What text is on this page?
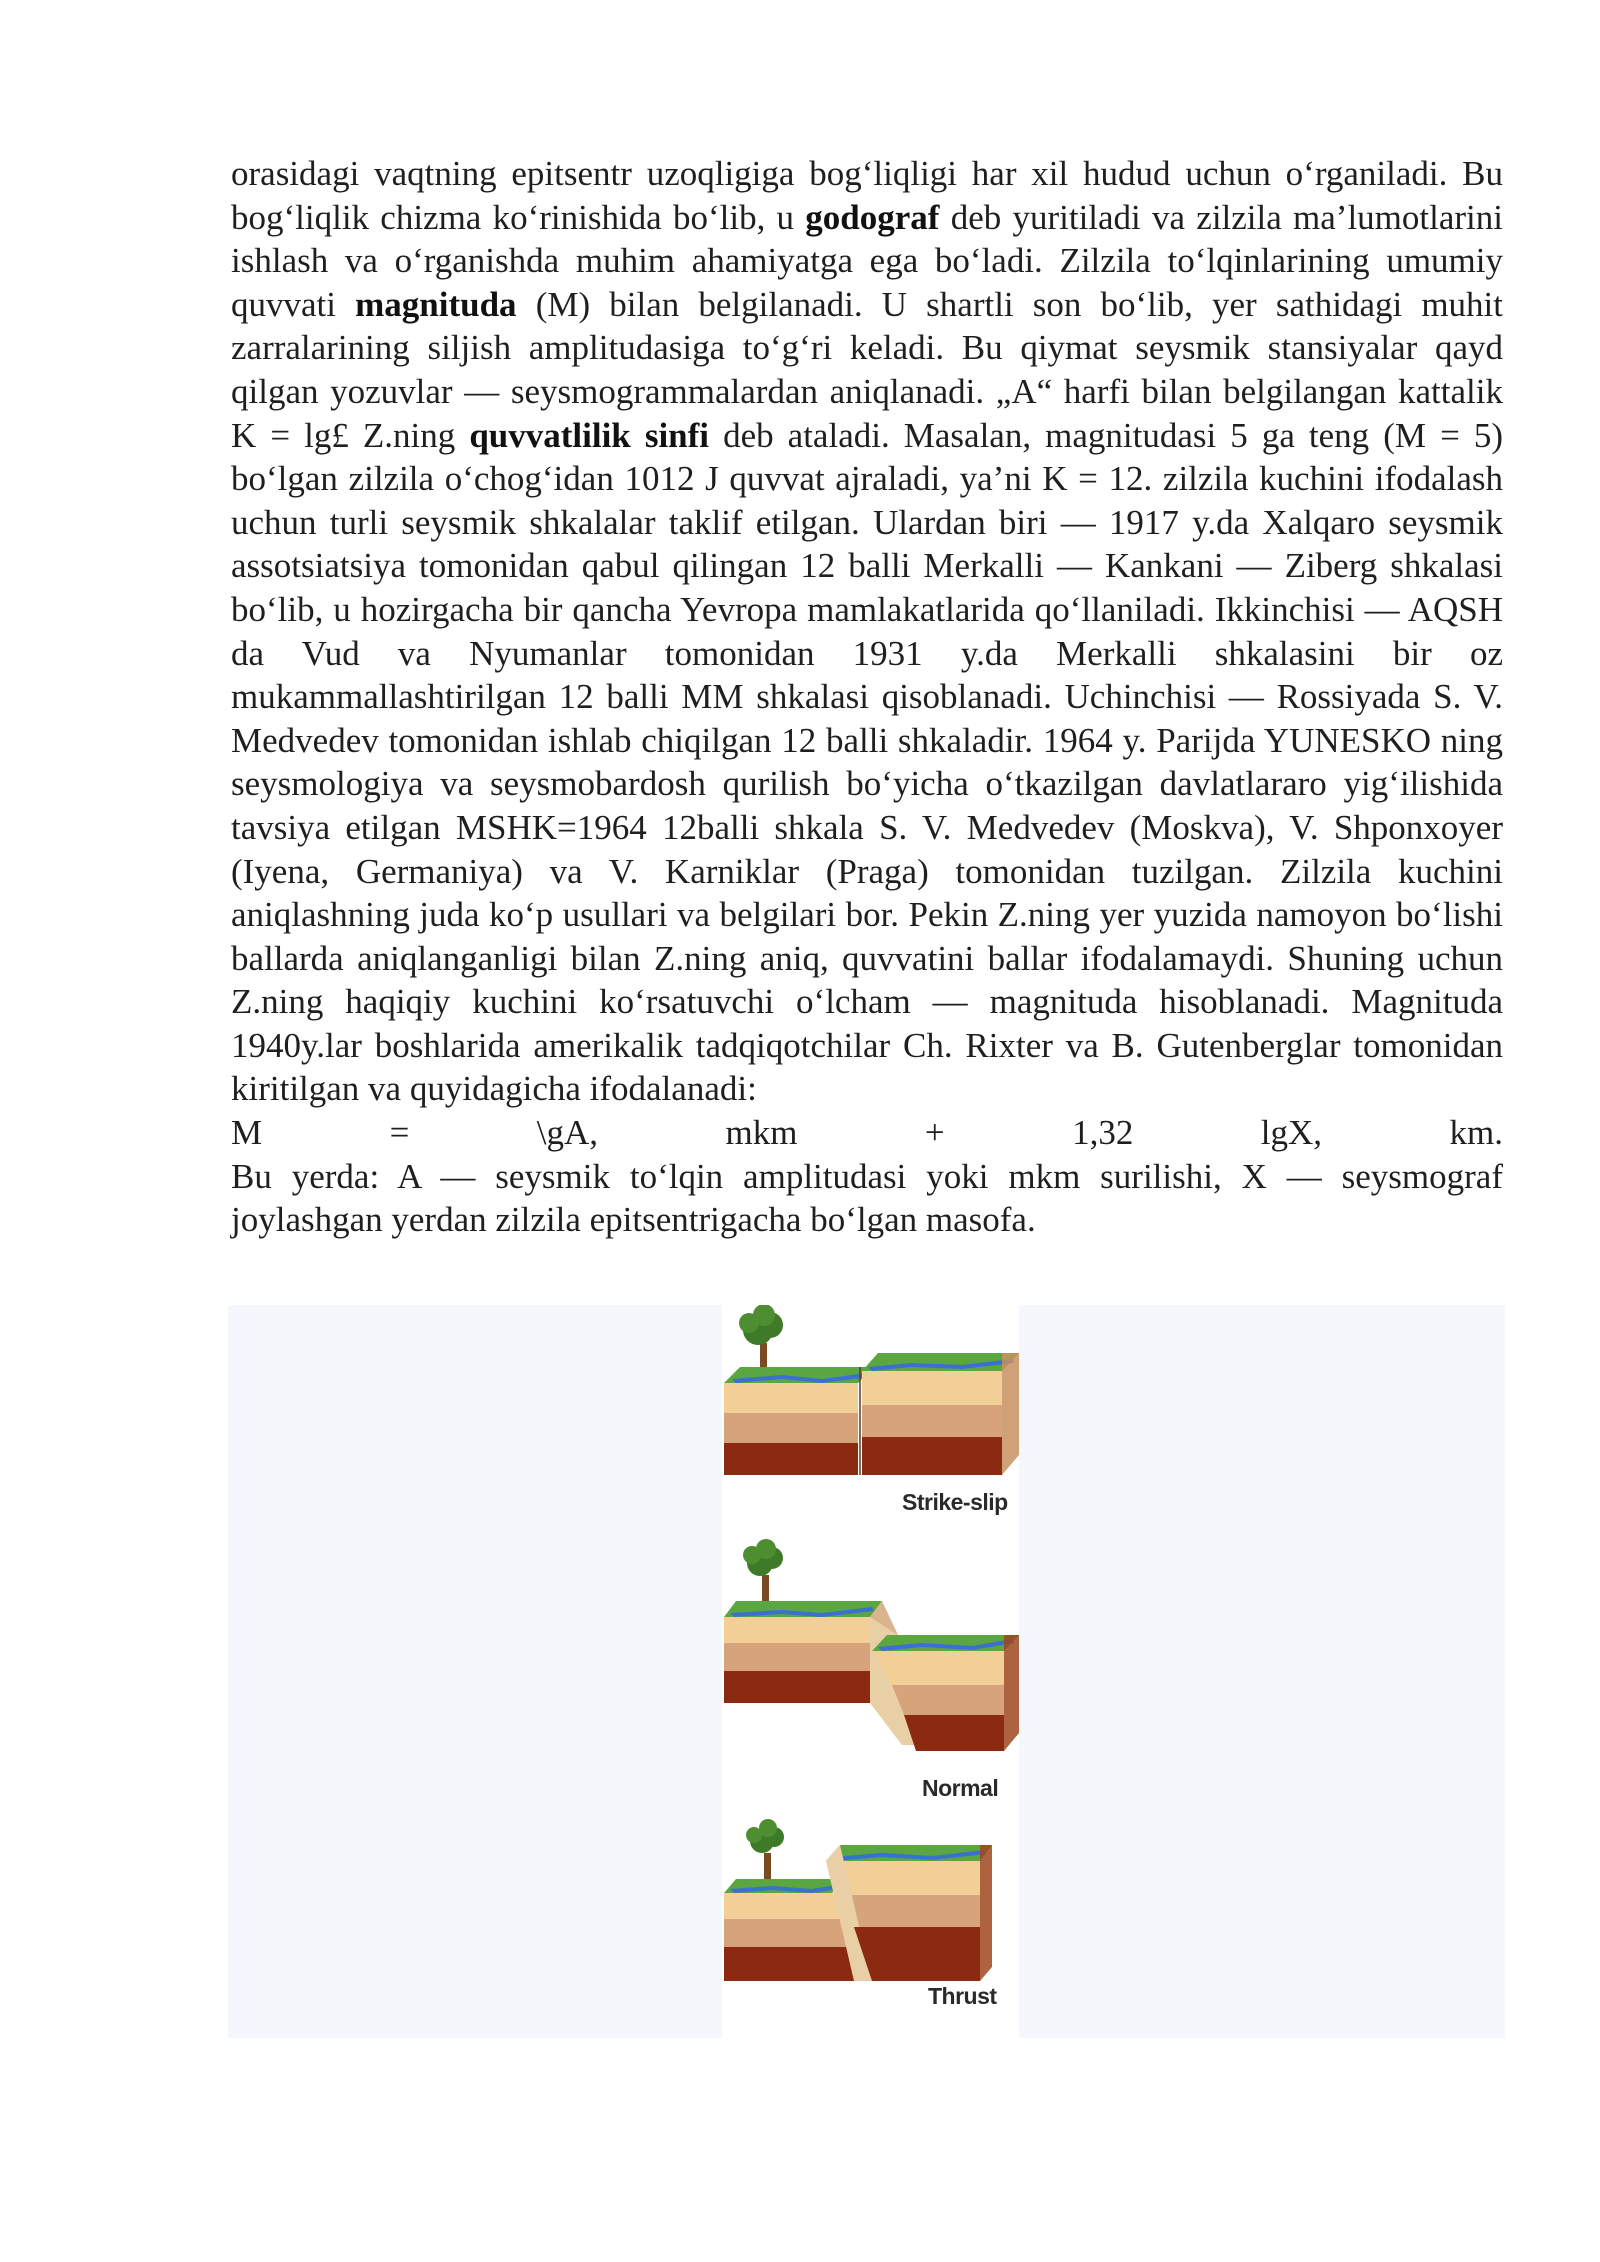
orasidagi vaqtning epitsentr uzoqligiga bog‘liqligi har xil hudud uchun o‘rganiladi. Bu bog‘liqlik chizma ko‘rinishida bo‘lib, u godograf deb yuritiladi va zilzila ma’lumotlarini ishlash va o‘rganishda muhim ahamiyatga ega bo‘ladi. Zilzila to‘lqinlarining umumiy quvvati magnituda (M) bilan belgilanadi. U shartli son bo‘lib, yer sathidagi muhit zarralarining siljish amplitudasiga to‘g‘ri keladi. Bu qiymat seysmik stansiyalar qayd qilgan yozuvlar — seysmogrammalardan aniqlanadi. „A“ harfi bilan belgilangan kattalik K = lg£ Z.ning quvvatlilik sinfi deb ataladi. Masalan, magnitudasi 5 ga teng (M = 5) bo‘lgan zilzila o‘chog‘idan 1012 J quvvat ajraladi, ya’ni K = 12. zilzila kuchini ifodalash uchun turli seysmik shkalalar taklif etilgan. Ulardan biri — 1917 y.da Xalqaro seysmik assotsiatsiya tomonidan qabul qilingan 12 balli Merkalli — Kankani — Ziberg shkalasi bo‘lib, u hozirgacha bir qancha Yevropa mamlakatlarida qo‘llaniladi. Ikkinchisi — AQSH da Vud va Nyumanlar tomonidan 1931 y.da Merkalli shkalasini bir oz mukammallashtirilgan 12 balli MM shkalasi qisoblanadi. Uchinchisi — Rossiyada S. V. Medvedev tomonidan ishlab chiqilgan 12 balli shkaladir. 1964 y. Parijda YUNESKO ning seysmologiya va seysmobardosh qurilish bo‘yicha o‘tkazilgan davlatlararo yig‘ilishida tavsiya etilgan MSHK=1964 12balli shkala S. V. Medvedev (Moskva), V. Shponxoyer (Iyena, Germaniya) va V. Karniklar (Praga) tomonidan tuzilgan. Zilzila kuchini aniqlashning juda ko‘p usullari va belgilari bor. Pekin Z.ning yer yuzida namoyon bo‘lishi ballarda aniqlanganligi bilan Z.ning aniq, quvvatini ballar ifodalamaydi. Shuning uchun Z.ning haqiqiy kuchini ko‘rsatuvchi o‘lcham — magnituda hisoblanadi. Magnituda 1940y.lar boshlarida amerikalik tadqiqotchilar Ch. Rixter va B. Gutenberglar tomonidan kiritilgan va quyidagicha ifodalanadi:

M	=	\gA,	mkm	+	1,32	lgX,	km.

Bu yerda: A — seysmik to‘lqin amplitudasi yoki mkm surilishi, X — seysmograf joylashgan yerdan zilzila epitsentrigacha bo‘lgan masofa.

Strike-slip
Normal
Thrust
